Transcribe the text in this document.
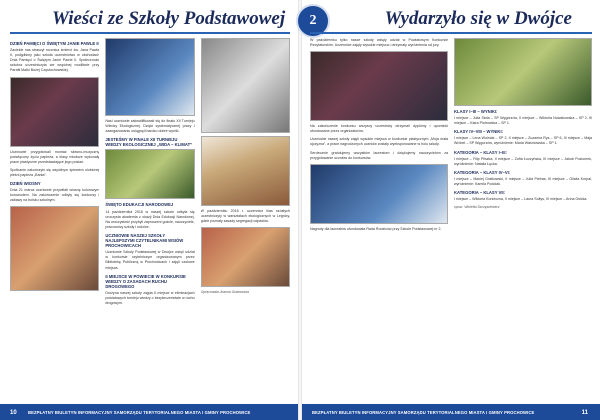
Wieści ze Szkoły Podstawowej
DZIEŃ PAMIĘCI O ŚWIĘTYM JANIE PAWLE II

Zaciekle nas straszył rocznica śmierci św. Jana Pawła II, podjęliśmy jako szkoła uczestnictwo w obchodach Dnia Pamięci o Świętym Janie Pawle II. Społeczność szkolna uczestniczyła we wspólnej modlitwie przy Parafii Matki Bożej Częstochowskiej.

Uczniowie przygotowali montaż słowno-muzyczny poświęcony życiu papieża, a klasy młodsze wykonały prace plastyczne przedstawiające jego postać.

Spotkanie zakończyło się wspólnym śpiewem ulubionej pieśni papieża „Barka”.

DZIEŃ WIOSNY

Dnia 21 marca uczniowie przywitali wiosnę kolorowym korowodem. Na zakończenie odbyły się konkursy i zabawy na boisku szkolnym.

Nasi uczniowie zakwalifikowali się do finału XII Turnieju Wiedzy Ekologicznej. Dzięki systematycznej pracy i zaangażowaniu osiągnęli bardzo dobre wyniki.

JESTEŚMY W FINALE XII TURNIEJU WIEDZY EKOLOGICZNEJ „WIDA – KLIMAT”
ŚWIĘTO EDUKACJI NARODOWEJ

14 października 2016 w naszej szkole odbyła się uroczysta akademia z okazji Dnia Edukacji Narodowej. Na uroczystość przybyli zaproszeni goście, nauczyciele, pracownicy szkoły i rodzice.

UCZNIOWIE NASZEJ SZKOŁY NAJLEPSZYMI CZYTELNIKAMI WSIÓW PROCHOWICACH

Uczniowie Szkoły Podstawowej w Dwójce wzięli udział w konkursie czytelniczym organizowanym przez Bibliotekę Publiczną w Prochowicach i zajęli czołowe miejsca.

II MIEJSCE W POWIECIE W KONKURSIE WIEDZY O ZASADACH RUCHU DROGOWEGO

Drużyna naszej szkoły zajęła II miejsce w eliminacjach powiatowych turnieju wiedzy o bezpieczeństwie w ruchu drogowym.

W październiku 2016 r. uczennice klas szóstych uczestniczyły w warsztatach ekologicznych w Legnicy, gdzie poznały zasady segregacji odpadów.

Opracowała Joanna Grabowska

BEZPŁATNY BIULETYN INFORMACYJNY SAMORZĄDU TERYTORIALNEGO MIASTA I GMINY PROCHOWICE
10
2	Wydarzyło się w Dwójce

W październiku tylko nasze szkoły wzięły udział w Powiatowym Konkursie Recytatorskim. Uczennice zajęły wysokie miejsca i otrzymały wyróżnienia od jury.

Na zakończenie konkursu wszyscy uczestnicy otrzymali dyplomy i upominki ufundowane przez organizatorów.

Uczniowie naszej szkoły zajęli wysokie miejsca w konkursie plastycznym „Moja mała ojczyzna”, a prace nagrodzonych uczniów zostały wyeksponowane w holu szkoły.

Serdecznie gratulujemy wszystkim laureatom i dziękujemy nauczycielom za przygotowanie uczniów do konkursów.

Nagrody dla laureatów ufundowała Rada Rodziców przy Szkole Podstawowej nr 2.

KLASY I–III – WYNIKI:

I miejsce – Julia Słota – SP Węgorzów, II miejsce – Wiktoria Nowakowska – SP 2, III miejsce – Klara Piotrowska – SP 1.

KLASY IV–VIII – WYNIKI:

I miejsce – Lena Wolniak – SP 2, II miejsce – Zuzanna Rys – SP 6, III miejsce – Maja Wróbel – SP Węgorzów, wyróżnienie: Maria Waśniowska – SP 1.

KATEGORIA – KLASY I–III:

I miejsce – Filip Pliszka, II miejsce – Zofia Łuczyńska, III miejsce – Jakub Poziomek, wyróżnienie: Natalia Łęcka.

KATEGORIA – KLASY IV–VI:

I miejsce – Maciej Gratkowski, II miejsce – Julia Pietras, III miejsce – Oliwia Korpal, wyróżnienie: Kamila Podolak.

KATEGORIA – KLASY VII:

I miejsce – Wiktoria Konieczna, II miejsce – Laura Sołtys, III miejsce – Anna Osicka.

oprac. Wioletta Szczęśniewicz

BEZPŁATNY BIULETYN INFORMACYJNY SAMORZĄDU TERYTORIALNEGO MIASTA I GMINY PROCHOWICE	11
